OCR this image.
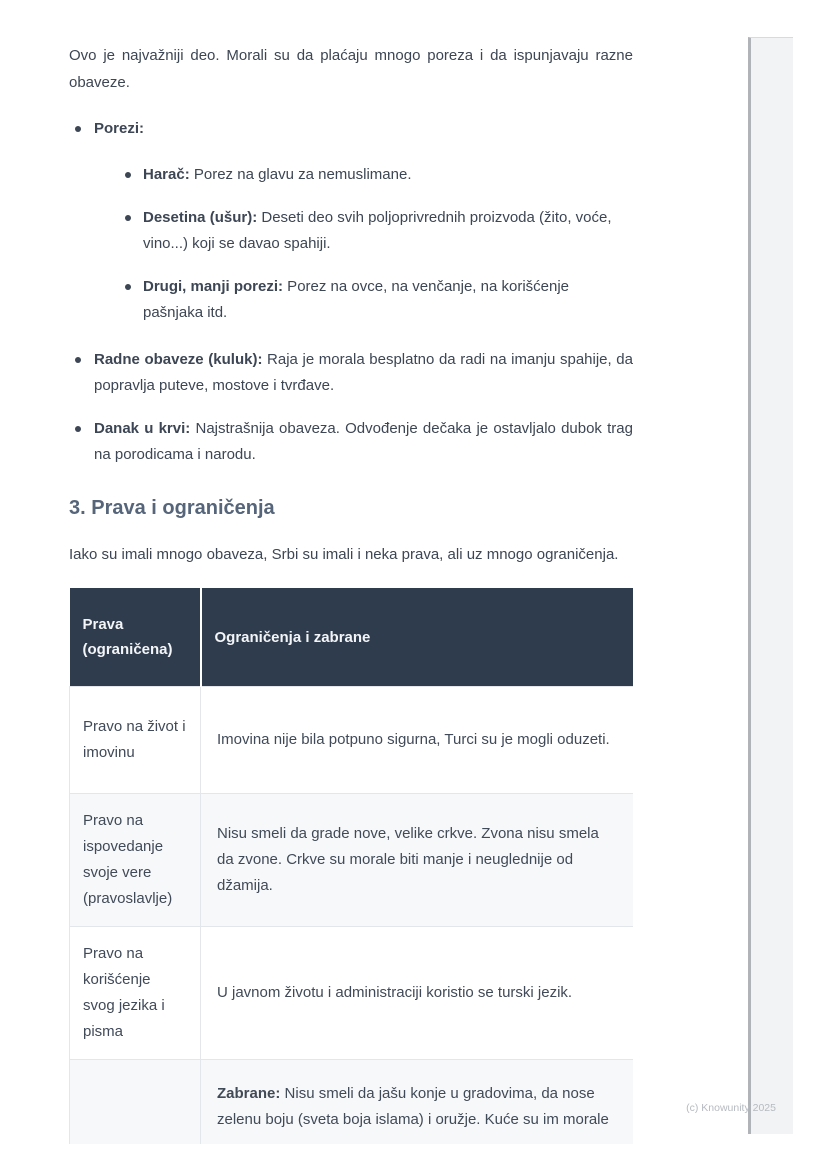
Ovo je najvažniji deo. Morali su da plaćaju mnogo poreza i da ispunjavaju razne obaveze.

Porezi:
Harač: Porez na glavu za nemuslimane.
Desetina (ušur): Deseti deo svih poljoprivrednih proizvoda (žito, voće, vino...) koji se davao spahiji.
Drugi, manji porezi: Porez na ovce, na venčanje, na korišćenje pašnjaka itd.
Radne obaveze (kuluk): Raja je morala besplatno da radi na imanju spahije, da popravlja puteve, mostove i tvrđave.
Danak u krvi: Najstrašnija obaveza. Odvođenje dečaka je ostavljalo dubok trag na porodicama i narodu.
3. Prava i ograničenja

Iako su imali mnogo obaveza, Srbi su imali i neka prava, ali uz mnogo ograničenja.

Prava (ograničena)	Ograničenja i zabrane
Pravo na život i imovinu	Imovina nije bila potpuno sigurna, Turci su je mogli oduzeti.
Pravo na ispovedanje svoje vere (pravoslavlje)	Nisu smeli da grade nove, velike crkve. Zvona nisu smela da zvone. Crkve su morale biti manje i neuglednije od džamija.
Pravo na korišćenje svog jezika i pisma	U javnom životu i administraciji koristio se turski jezik.
	Zabrane: Nisu smeli da jašu konje u gradovima, da nose zelenu boju (sveta boja islama) i oružje. Kuće su im morale
(c) Knowunity 2025
